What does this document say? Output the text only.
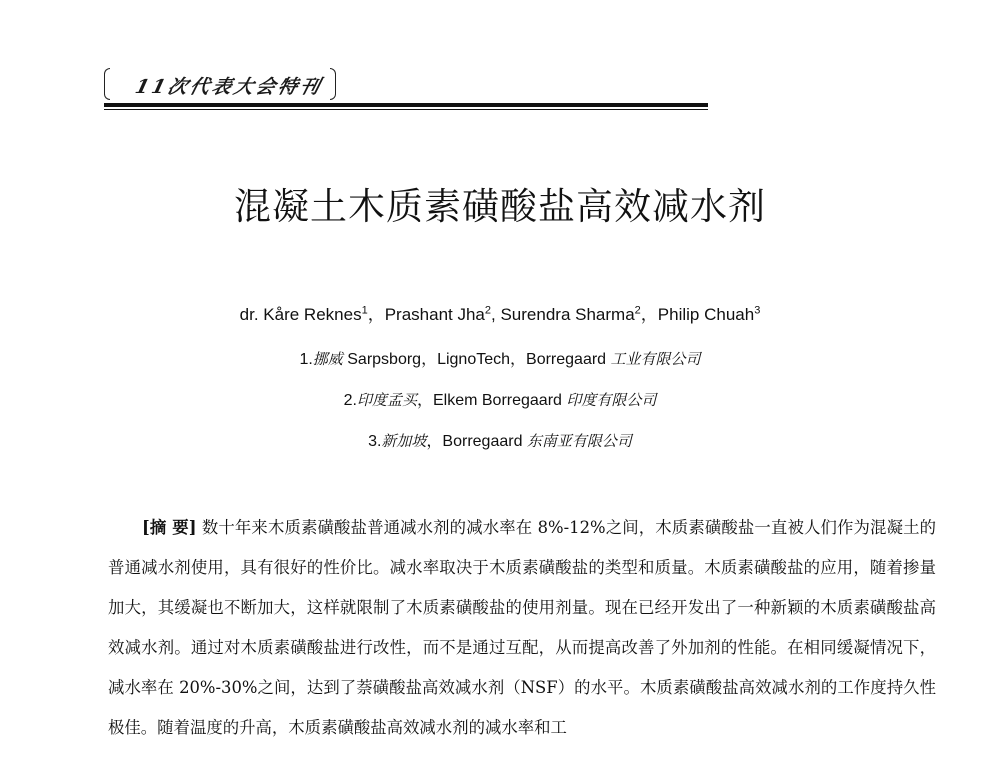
11次代表大会特刊
混凝土木质素磺酸盐高效减水剂
dr. Kåre Reknes$^1$，Prashant Jha$^2$, Surendra Sharma$^2$，Philip Chuah$^3$
1.挪威 Sarpsborg，LignoTech，Borregaard 工业有限公司
2.印度孟买，Elkem Borregaard 印度有限公司
3.新加坡，Borregaard 东南亚有限公司
[摘 要] 数十年来木质素磺酸盐普通减水剂的减水率在 8%-12%之间，木质素磺酸盐一直被人们作为混凝土的普通减水剂使用，具有很好的性价比。减水率取决于木质素磺酸盐的类型和质量。木质素磺酸盐的应用，随着掺量加大，其缓凝也不断加大，这样就限制了木质素磺酸盐的使用剂量。现在已经开发出了一种新颖的木质素磺酸盐高效减水剂。通过对木质素磺酸盐进行改性，而不是通过互配，从而提高改善了外加剂的性能。在相同缓凝情况下，减水率在 20%-30%之间，达到了萘磺酸盐高效减水剂（NSF）的水平。木质素磺酸盐高效减水剂的工作度持久性极佳。随着温度的升高，木质素磺酸盐高效减水剂的减水率和工
